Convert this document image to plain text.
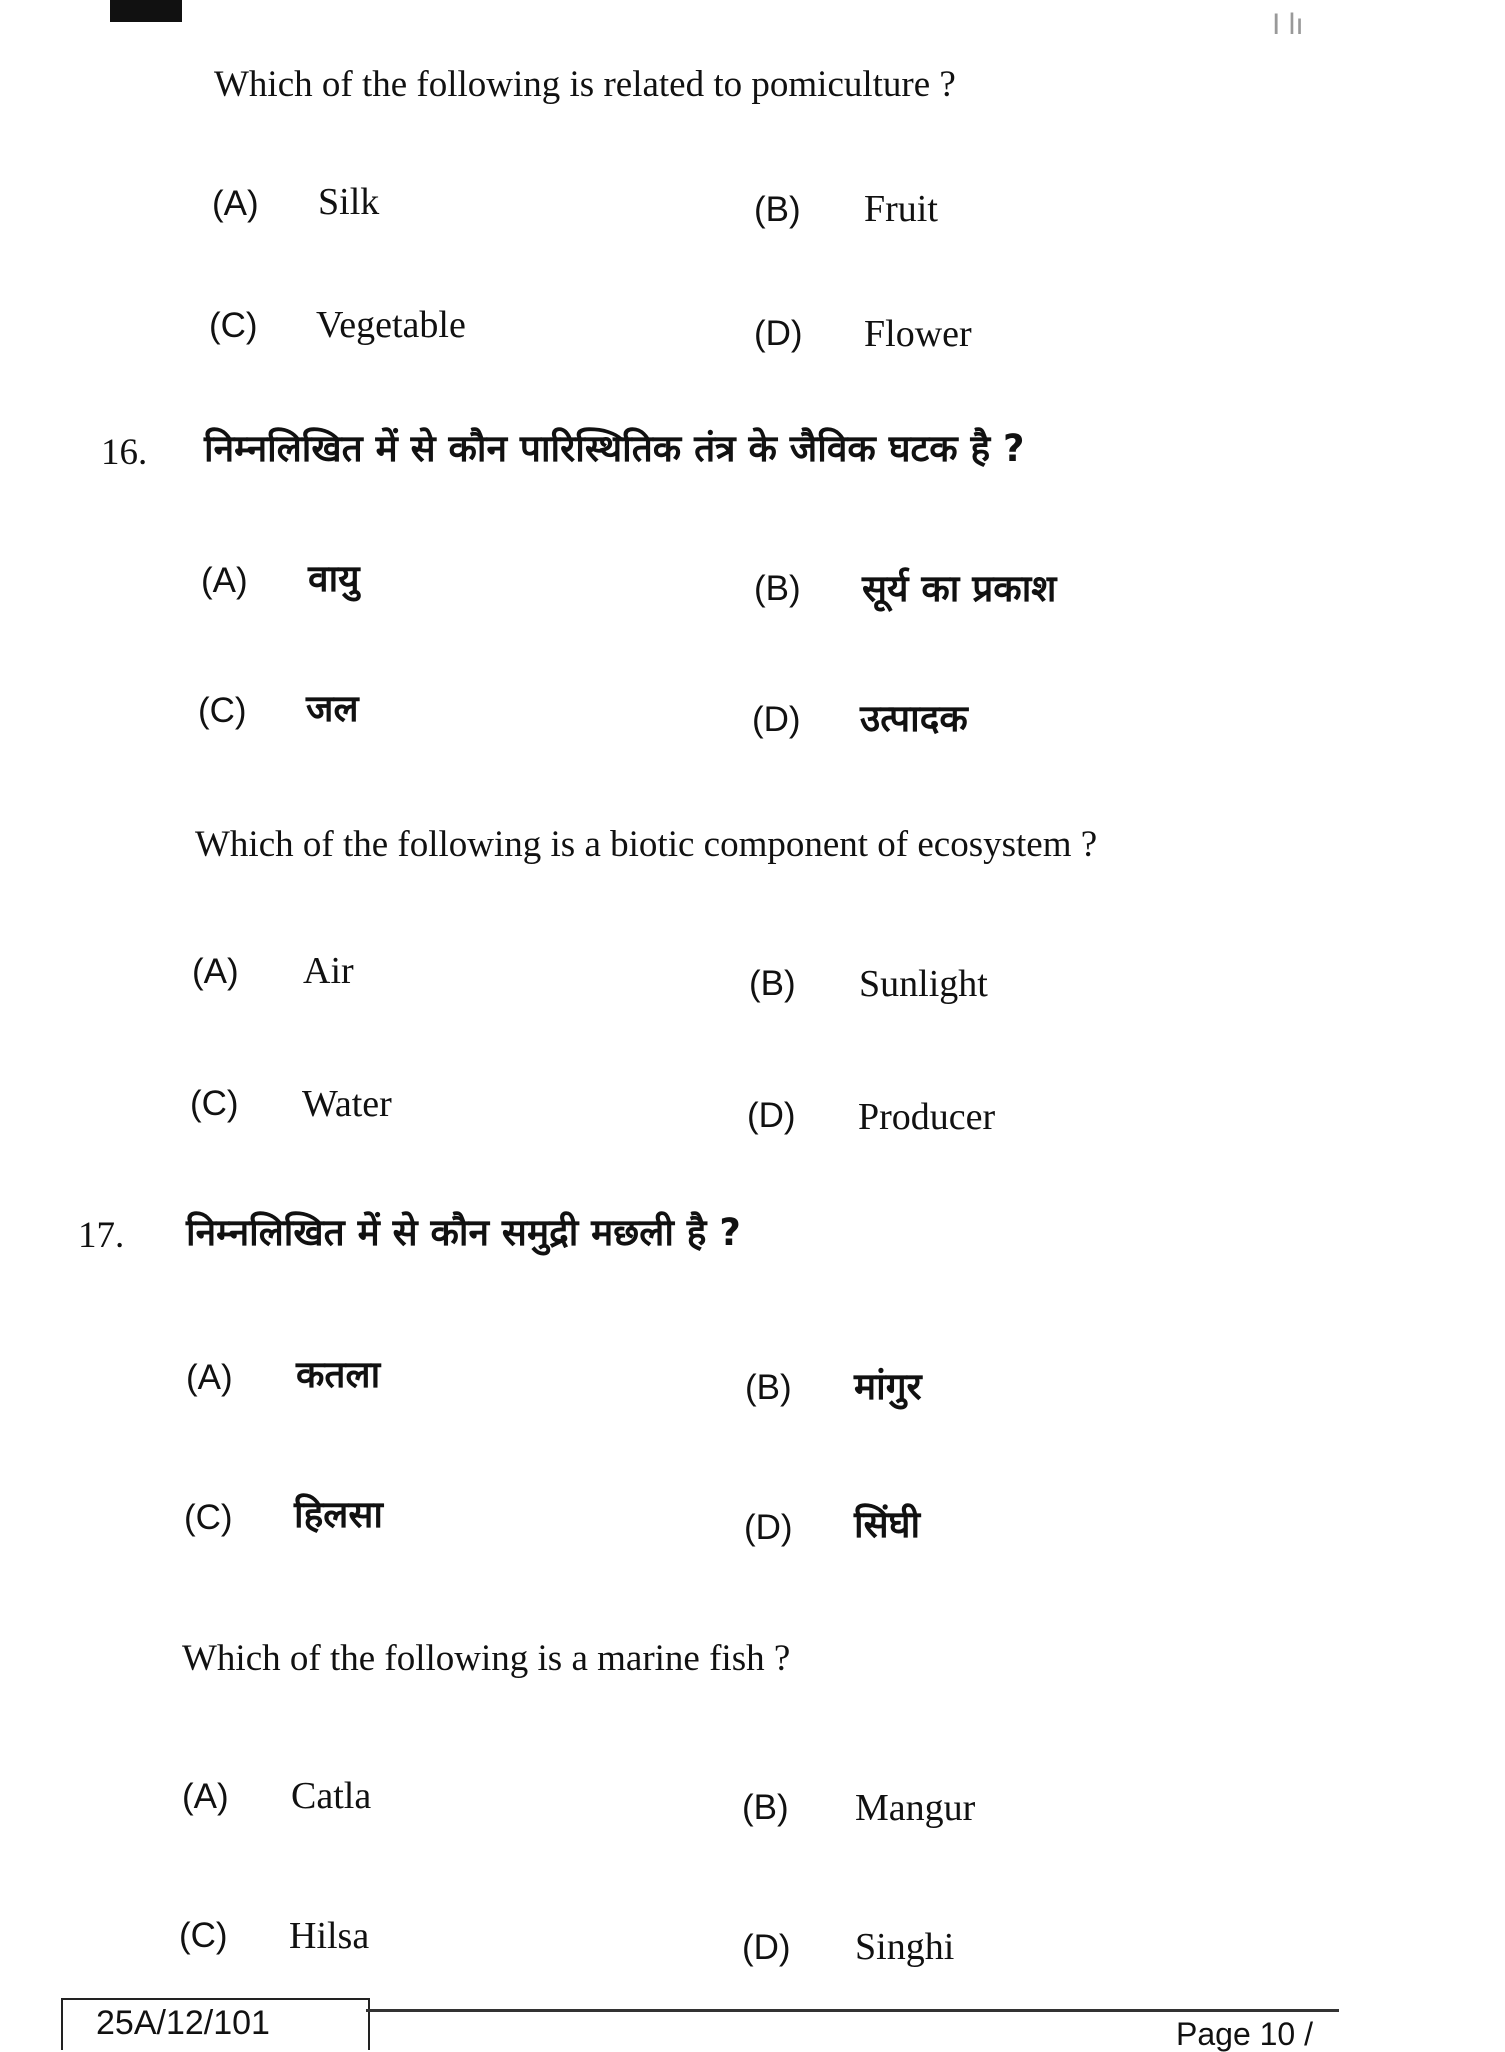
I lı
Which of the following is related to pomiculture ?
(A) Silk	(B) Fruit
(C) Vegetable	(D) Flower
16. निम्नलिखित में से कौन पारिस्थितिक तंत्र के जैविक घटक है ?
(A) वायु	(B) सूर्य का प्रकाश
(C) जल	(D) उत्पादक
Which of the following is a biotic component of ecosystem ?
(A) Air	(B) Sunlight
(C) Water	(D) Producer
17. निम्नलिखित में से कौन समुद्री मछली है ?
(A) कतला	(B) मांगुर
(C) हिलसा	(D) सिंघी
Which of the following is a marine fish ?
(A) Catla	(B) Mangur
(C) Hilsa	(D) Singhi
25A/12/101	Page 10 /
